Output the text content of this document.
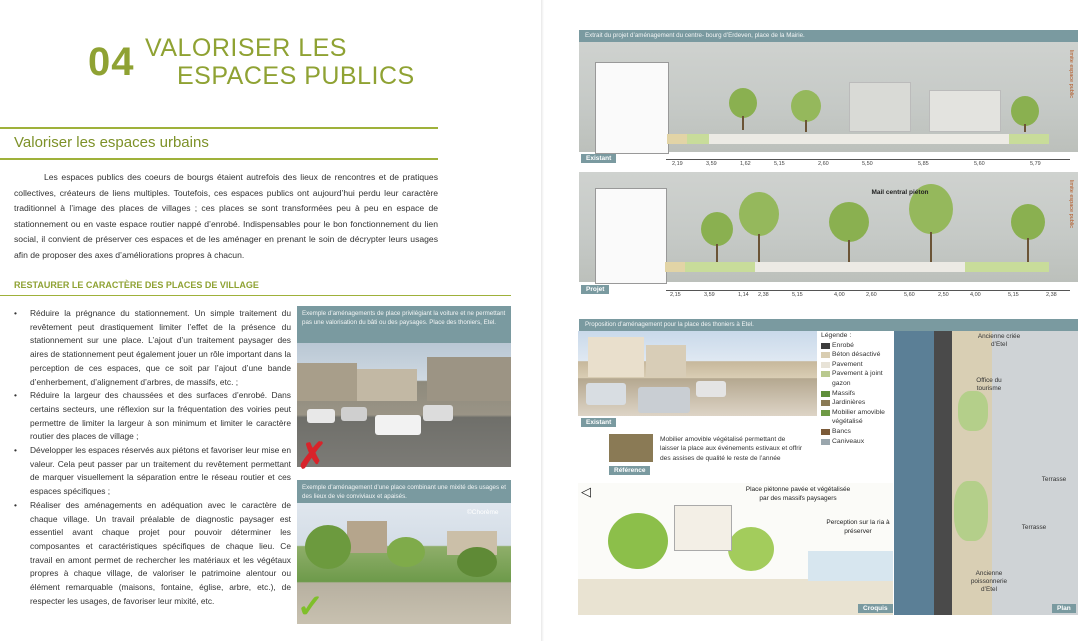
04 VALORISER LES
ESPACES PUBLICS
Valoriser les espaces urbains
Les espaces publics des coeurs de bourgs étaient autrefois des lieux de rencontres et de pratiques collectives, créateurs de liens multiples. Toutefois, ces espaces publics ont aujourd’hui perdu leur caractère traditionnel à l’image des places de villages ; ces places se sont transformées peu à peu en espace de stationnement ou en vaste espace routier nappé d’enrobé. Indispensables pour le bon fonctionnement du lien social, il convient de préserver ces espaces et de les aménager en prenant le soin de décrypter leurs usages afin de proposer des axes d’améliorations propres à chacun.
RESTAURER LE CARACTÈRE DES PLACES DE VILLAGE
• Réduire la prégnance du stationnement. Un simple traitement du revêtement peut drastiquement limiter l’effet de la présence du stationnement sur une place. L’ajout d’un traitement paysager des aires de stationnement peut également jouer un rôle important dans la perception de ces espaces, que ce soit par l’ajout d’une bande d’enherbement, d’alignement d’arbres, de massifs, etc. ;
• Réduire la largeur des chaussées et des surfaces d’enrobé. Dans certains secteurs, une réflexion sur la fréquentation des voiries peut permettre de limiter la largeur à son minimum et limiter le caractère routier des places de village ;
• Développer les espaces réservés aux piétons et favoriser leur mise en valeur. Cela peut passer par un traitement du revêtement permettant de marquer visuellement la séparation entre le réseau routier et ces espaces spécifiques ;
• Réaliser des aménagements en adéquation avec le caractère de chaque village. Un travail préalable de diagnostic paysager est essentiel avant chaque projet pour pouvoir déterminer les composantes et caractéristiques spécifiques de chaque lieu. Ce travail en amont permet de rechercher les matériaux et les végétaux propres à chaque village, de valoriser le patrimoine alentour ou élément remarquable (maisons, fontaine, église, arbre, etc.), de respecter les usages, de favoriser leur mixité, etc.
Exemple d’aménagements de place privilégiant la voiture et ne permettant pas une valorisation du bâti ou des paysages. Place des thoniers, Etel.
✗
Exemple d’aménagement d’une place combinant une mixité des usages et des lieux de vie conviviaux et apaisés.
©Chorème
✓
Extrait du projet d’aménagement du centre- bourg d’Erdeven, place de la Mairie.
limite espace public
Existant
2,19	3,59	1,62	5,15	2,60	5,50	5,85	5,60	5,79
Mail central piéton	limite espace public
Projet
2,15	3,59	1,14 2,38	5,15	4,00	2,60	5,60	2,50	4,00	5,15	2,38
Proposition d’aménagement pour la place des thoniers à Etel.
Existant
Référence
Mobilier amovible végétalisé permettant de laisser la place aux événements estivaux et offrir des assises de qualité le reste de l’année
Légende :
Enrobé
Béton désactivé
Pavement
Pavement à joint gazon
Massifs
Jardinières
Mobilier amovible végétalisé
Bancs
Caniveaux
◁	Place piétonne pavée et végétalisée par des massifs paysagers
Perception sur la ria à préserver
Croquis
Ancienne criée d’Etel
Office du tourisme
Terrasse
Terrasse
Ancienne poissonnerie d’Etel
Plan
